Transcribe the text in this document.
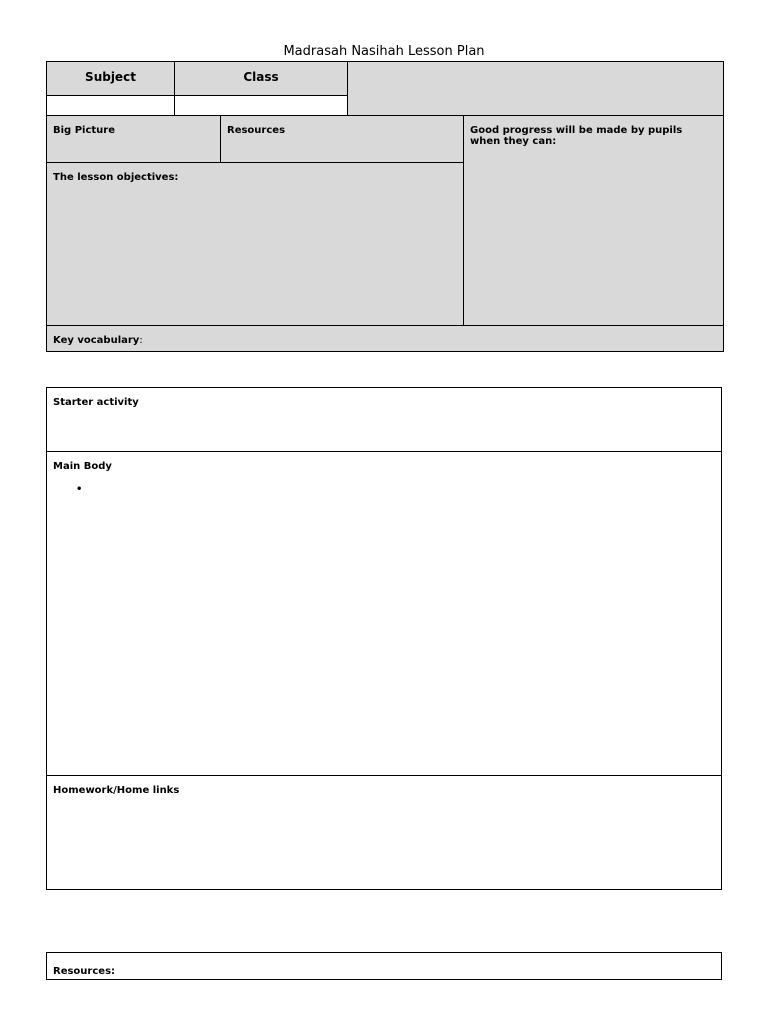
Madrasah Nasihah Lesson Plan
Subject	Class
Big Picture	Resources	Good progress will be made by pupils when they can:
The lesson objectives:
Key vocabulary:
Starter activity
Main Body
•
Homework/Home links
Resources:
